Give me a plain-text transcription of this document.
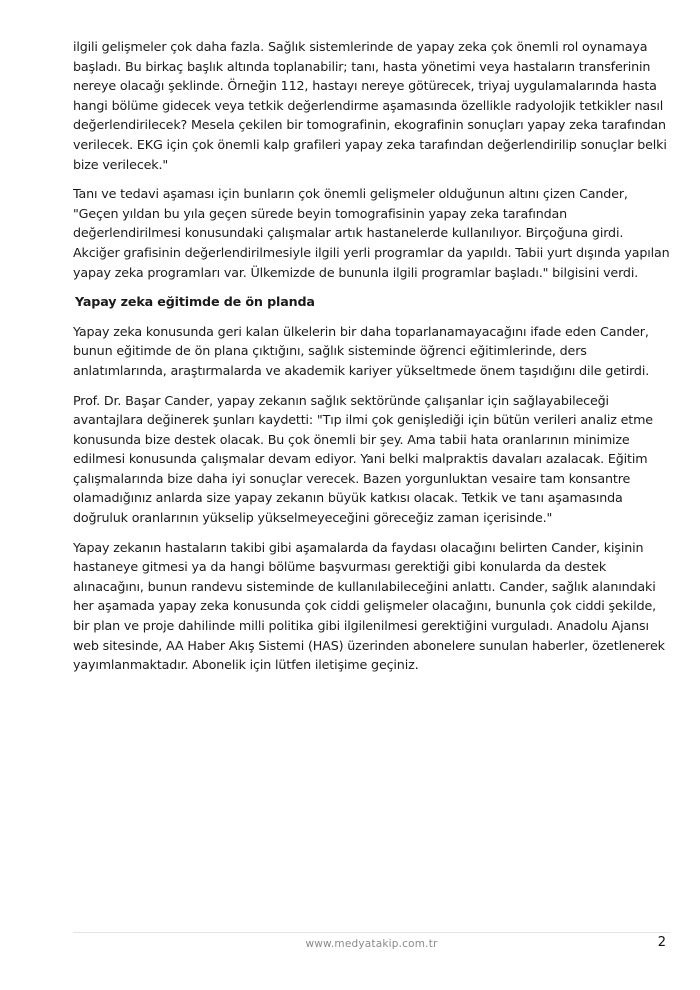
ilgili gelişmeler çok daha fazla. Sağlık sistemlerinde de yapay zeka çok önemli rol oynamaya başladı. Bu birkaç başlık altında toplanabilir; tanı, hasta yönetimi veya hastaların transferinin nereye olacağı şeklinde. Örneğin 112, hastayı nereye götürecek, triyaj uygulamalarında hasta hangi bölüme gidecek veya tetkik değerlendirme aşamasında özellikle radyolojik tetkikler nasıl değerlendirilecek? Mesela çekilen bir tomografinin, ekografinin sonuçları yapay zeka tarafından verilecek. EKG için çok önemli kalp grafileri yapay zeka tarafından değerlendirilip sonuçlar belki bize verilecek."

Tanı ve tedavi aşaması için bunların çok önemli gelişmeler olduğunun altını çizen Cander, "Geçen yıldan bu yıla geçen sürede beyin tomografisinin yapay zeka tarafından değerlendirilmesi konusundaki çalışmalar artık hastanelerde kullanılıyor. Birçoğuna girdi. Akciğer grafisinin değerlendirilmesiyle ilgili yerli programlar da yapıldı. Tabii yurt dışında yapılan yapay zeka programları var. Ülkemizde de bununla ilgili programlar başladı." bilgisini verdi.

Yapay zeka eğitimde de ön planda

Yapay zeka konusunda geri kalan ülkelerin bir daha toparlanamayacağını ifade eden Cander, bunun eğitimde de ön plana çıktığını, sağlık sisteminde öğrenci eğitimlerinde, ders anlatımlarında, araştırmalarda ve akademik kariyer yükseltmede önem taşıdığını dile getirdi.

Prof. Dr. Başar Cander, yapay zekanın sağlık sektöründe çalışanlar için sağlayabileceği avantajlara değinerek şunları kaydetti: "Tıp ilmi çok genişlediği için bütün verileri analiz etme konusunda bize destek olacak. Bu çok önemli bir şey. Ama tabii hata oranlarının minimize edilmesi konusunda çalışmalar devam ediyor. Yani belki malpraktis davaları azalacak. Eğitim çalışmalarında bize daha iyi sonuçlar verecek. Bazen yorgunluktan vesaire tam konsantre olamadığınız anlarda size yapay zekanın büyük katkısı olacak. Tetkik ve tanı aşamasında doğruluk oranlarının yükselip yükselmeyeceğini göreceğiz zaman içerisinde."

Yapay zekanın hastaların takibi gibi aşamalarda da faydası olacağını belirten Cander, kişinin hastaneye gitmesi ya da hangi bölüme başvurması gerektiği gibi konularda da destek alınacağını, bunun randevu sisteminde de kullanılabileceğini anlattı. Cander, sağlık alanındaki her aşamada yapay zeka konusunda çok ciddi gelişmeler olacağını, bununla çok ciddi şekilde, bir plan ve proje dahilinde milli politika gibi ilgilenilmesi gerektiğini vurguladı. Anadolu Ajansı web sitesinde, AA Haber Akış Sistemi (HAS) üzerinden abonelere sunulan haberler, özetlenerek yayımlanmaktadır. Abonelik için lütfen iletişime geçiniz.

www.medyatakip.com.tr	2
